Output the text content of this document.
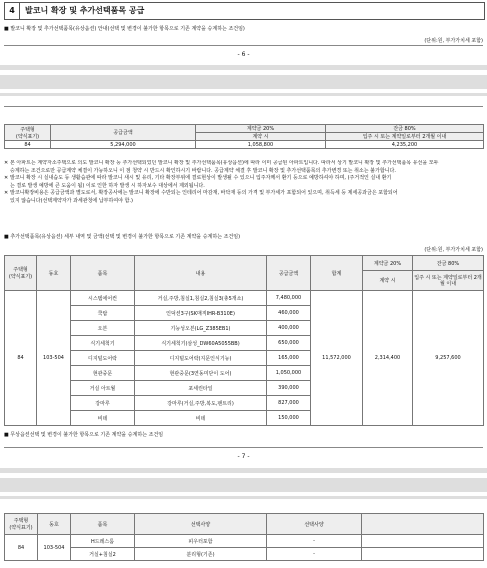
4	발코니 확장 및 추가선택품목 공급
■ 발코니 확장 및 추가선택품목(유상옵션) 안내(선택 및 변경이 불가한 항목으로 기존 계약을 승계하는 조건임)
(단위:원, 부가가치세 포함)
- 6 -
주택형
(약식표기)	공급금액	계약금 20%	잔금 80%
		계약 시	입주 시 또는 계약일로부터 2개월 이내
84	5,294,000	1,058,800	4,235,200
✕ 본 아파트는 계약자소주택으로 의도 발코니 확장 등 추가선택되었던 발코니 확장 및 추가선택품목(유상옵션)에 따라 이미 공급된 아파트입니다. 따라서 상기 발코니 확장 및 추가선택품목 유선을 모두
승계하는 조건으로만 공급계약 체결이 가능하오니 이 점 청약 시 반드시 확인하시기 바랍니다. 공급계약 체결 후 발코니 확장 및 추가선택품목의 추가변경 또는 취소는 불가합니다.
✕ 발코니 확장 시 실내습도 등 생활습관에 따라 발코니 새시 및 유리, 기타 확장부위에 결로현상이 발생될 수 있으니 입주자께서 환기 등으로 예방하셔야 하며, (주거적인 실내 환기
는 결로 발생 예방에 큰 도움이 됨) 이로 인한 하자 발생 시 하자보수 대상에서 제외됩니다.
✕ 발코니확장비용은 공급금액과 별도로서, 확장공사에는 발코니 확장에 수반되는 인테리어 마감재, 바닥재 등의 가격 및 부가세가 포함되어 있으며, 취득세 등 제세공과금은 포함되어
있지 않습니다(선택계약자가 과세관청에 납부하여야 함.)
■ 추가선택품목(유상옵션) 세부 내역 및 금액(선택 및 변경이 불가한 항목으로 기존 계약을 승계하는 조건임)
(단위:원, 부가가치세 포함)
주택형
(약식표기)	동호	품목	내용	공급금액	합계	계약금 20%	잔금 80%
						계약 시	입주 시 또는 계약일로부터 2개월 이내
84	103-504	시스템에어컨	거실,주방,침실1,침실2,침실3(총5개소)	7,480,000	11,572,000	2,314,400	9,257,600
		쿡탑	인덕션3구(SK매직IHR-B310E)	460,000			
		오븐	기능성오븐(LG_Z385EB1)	400,000			
		식기세척기	식기세척기(삼성_DW60A5055BB)	650,000			
		디지털도어락	디지털도어락(지문인식기능)	165,000			
		현관중문	현관중문(3연동미닫이 도어)	1,050,000			
		거실 아트월	포세린타일	390,000			
		강마루	강마루(거실,주방,복도,팬트리)	827,000			
		비데	비데	150,000			
■ 무상옵션선택 및 변경이 불가한 항목으로 기존 계약을 승계하는 조건임
- 7 -
주택형
(약식표기)	동호	품목	선택사양	선택사양	
84	103-504	H드레스룸	피우터포함	-	
		거실+침실2	분리형(기존)	-	
